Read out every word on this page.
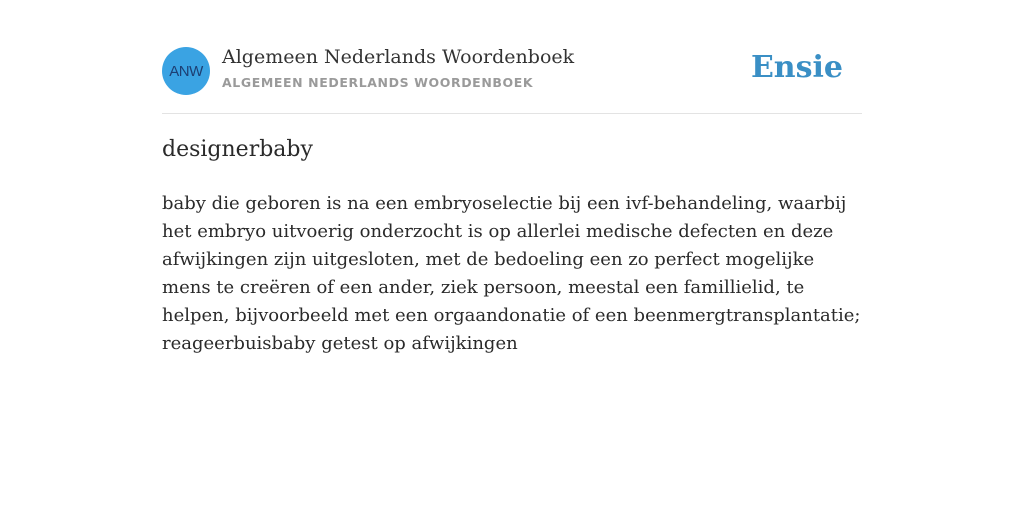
ANW
Algemeen Nederlands Woordenboek
ALGEMEEN NEDERLANDS WOORDENBOEK	Ensie
designerbaby
baby die geboren is na een embryoselectie bij een ivf-behandeling, waarbij het embryo uitvoerig onderzocht is op allerlei medische defecten en deze afwijkingen zijn uitgesloten, met de bedoeling een zo perfect mogelijke mens te creëren of een ander, ziek persoon, meestal een famillielid, te helpen, bijvoorbeeld met een orgaandonatie of een beenmergtransplantatie; reageerbuisbaby getest op afwijkingen
